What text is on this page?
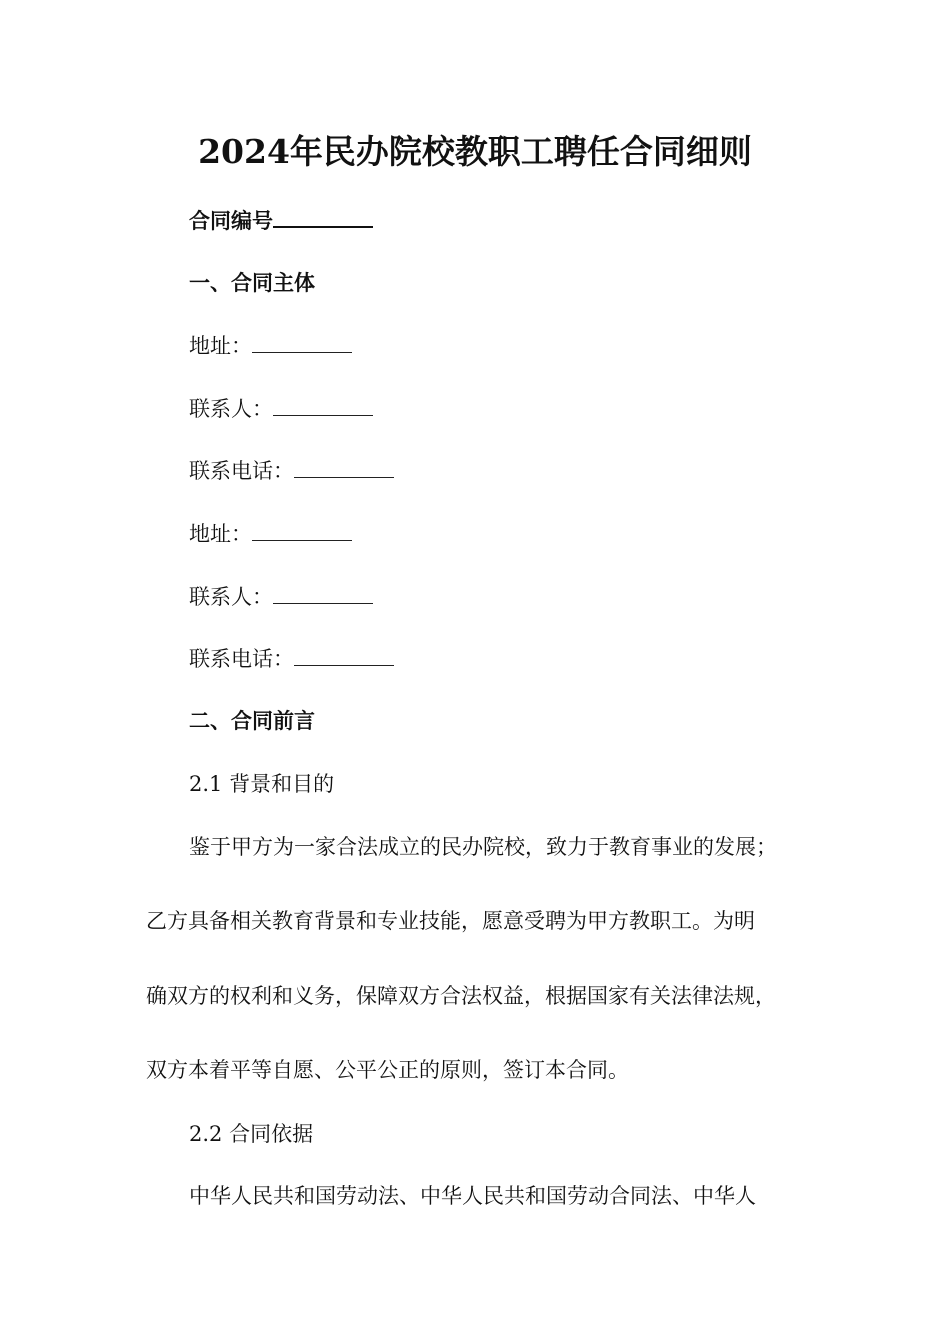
2024年民办院校教职工聘任合同细则
合同编号
一、合同主体
地址：
联系人：
联系电话：
地址：
联系人：
联系电话：
二、合同前言
2.1 背景和目的
鉴于甲方为一家合法成立的民办院校，致力于教育事业的发展；
乙方具备相关教育背景和专业技能，愿意受聘为甲方教职工。为明
确双方的权利和义务，保障双方合法权益，根据国家有关法律法规，
双方本着平等自愿、公平公正的原则，签订本合同。
2.2 合同依据
中华人民共和国劳动法、中华人民共和国劳动合同法、中华人
